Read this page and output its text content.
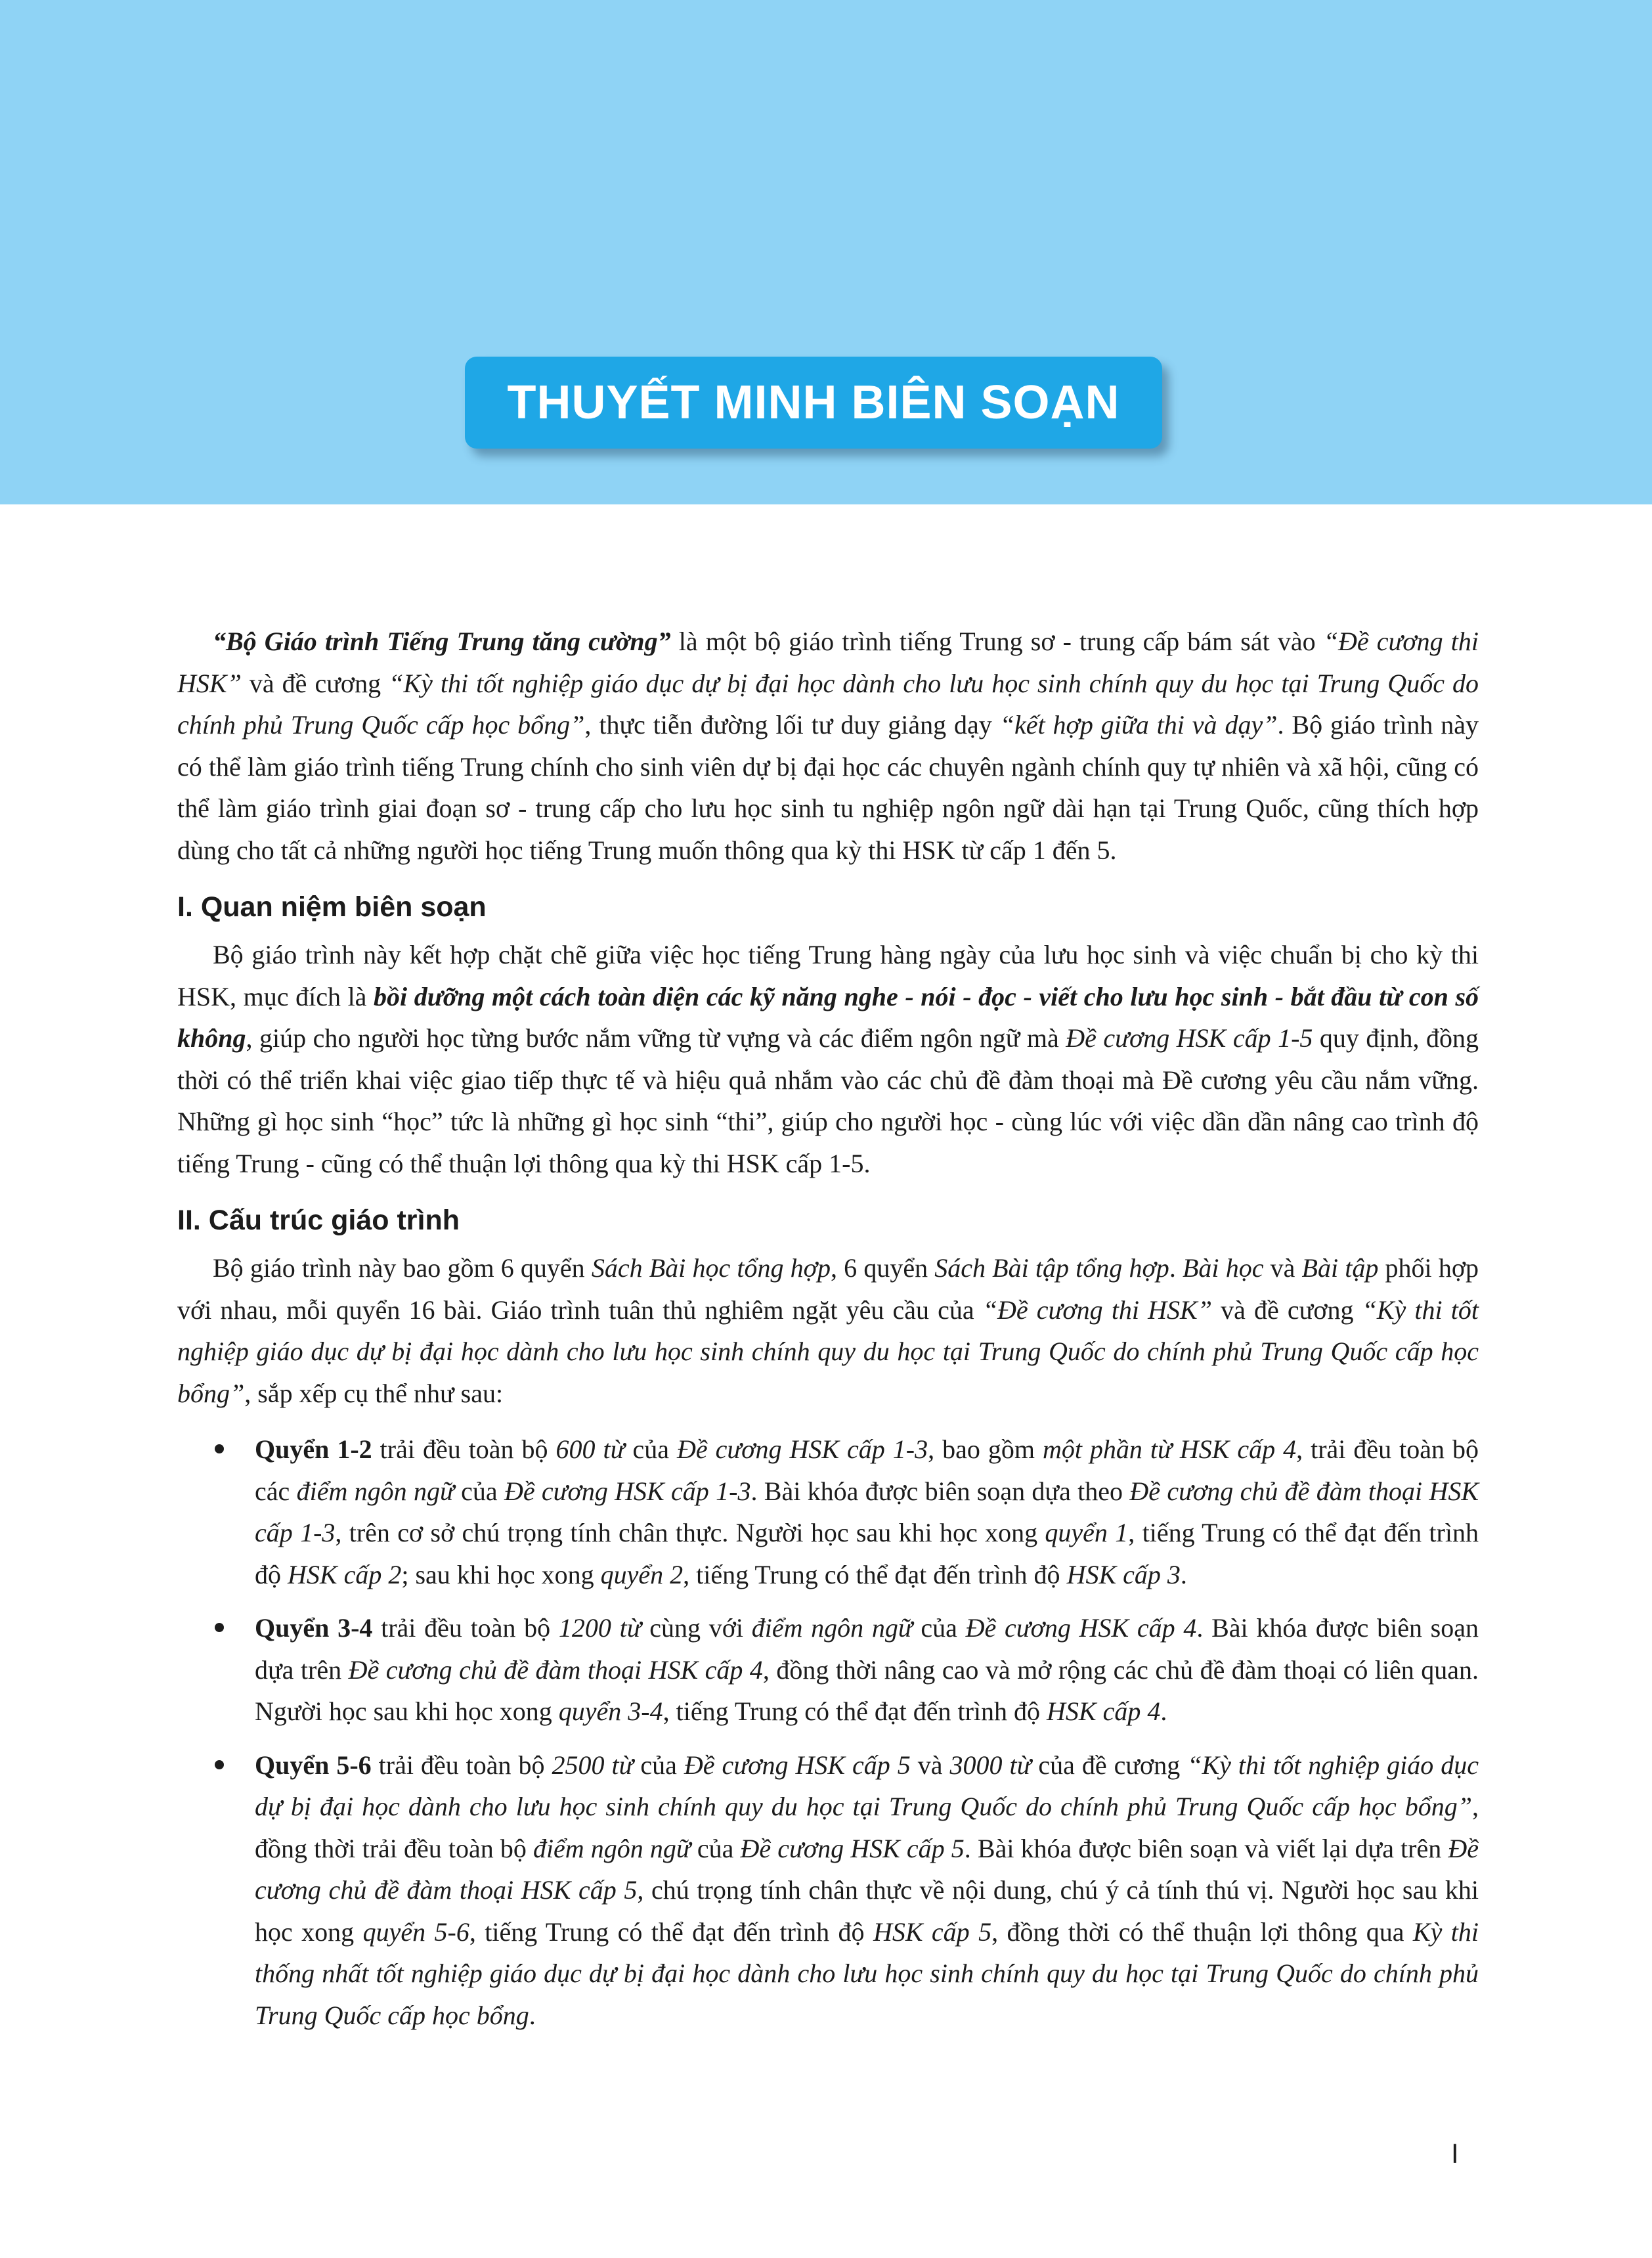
THUYẾT MINH BIÊN SOẠN

“Bộ Giáo trình Tiếng Trung tăng cường” là một bộ giáo trình tiếng Trung sơ - trung cấp bám sát vào “Đề cương thi HSK” và đề cương “Kỳ thi tốt nghiệp giáo dục dự bị đại học dành cho lưu học sinh chính quy du học tại Trung Quốc do chính phủ Trung Quốc cấp học bổng”, thực tiễn đường lối tư duy giảng dạy “kết hợp giữa thi và dạy”. Bộ giáo trình này có thể làm giáo trình tiếng Trung chính cho sinh viên dự bị đại học các chuyên ngành chính quy tự nhiên và xã hội, cũng có thể làm giáo trình giai đoạn sơ - trung cấp cho lưu học sinh tu nghiệp ngôn ngữ dài hạn tại Trung Quốc, cũng thích hợp dùng cho tất cả những người học tiếng Trung muốn thông qua kỳ thi HSK từ cấp 1 đến 5.

I. Quan niệm biên soạn

Bộ giáo trình này kết hợp chặt chẽ giữa việc học tiếng Trung hàng ngày của lưu học sinh và việc chuẩn bị cho kỳ thi HSK, mục đích là bồi dưỡng một cách toàn diện các kỹ năng nghe - nói - đọc - viết cho lưu học sinh - bắt đầu từ con số không, giúp cho người học từng bước nắm vững từ vựng và các điểm ngôn ngữ mà Đề cương HSK cấp 1-5 quy định, đồng thời có thể triển khai việc giao tiếp thực tế và hiệu quả nhắm vào các chủ đề đàm thoại mà Đề cương yêu cầu nắm vững. Những gì học sinh “học” tức là những gì học sinh “thi”, giúp cho người học - cùng lúc với việc dần dần nâng cao trình độ tiếng Trung - cũng có thể thuận lợi thông qua kỳ thi HSK cấp 1-5.

II. Cấu trúc giáo trình

Bộ giáo trình này bao gồm 6 quyển Sách Bài học tổng hợp, 6 quyển Sách Bài tập tổng hợp. Bài học và Bài tập phối hợp với nhau, mỗi quyển 16 bài. Giáo trình tuân thủ nghiêm ngặt yêu cầu của “Đề cương thi HSK” và đề cương “Kỳ thi tốt nghiệp giáo dục dự bị đại học dành cho lưu học sinh chính quy du học tại Trung Quốc do chính phủ Trung Quốc cấp học bổng”, sắp xếp cụ thể như sau:

Quyển 1-2 trải đều toàn bộ 600 từ của Đề cương HSK cấp 1-3, bao gồm một phần từ HSK cấp 4, trải đều toàn bộ các điểm ngôn ngữ của Đề cương HSK cấp 1-3. Bài khóa được biên soạn dựa theo Đề cương chủ đề đàm thoại HSK cấp 1-3, trên cơ sở chú trọng tính chân thực. Người học sau khi học xong quyển 1, tiếng Trung có thể đạt đến trình độ HSK cấp 2; sau khi học xong quyển 2, tiếng Trung có thể đạt đến trình độ HSK cấp 3.
Quyển 3-4 trải đều toàn bộ 1200 từ cùng với điểm ngôn ngữ của Đề cương HSK cấp 4. Bài khóa được biên soạn dựa trên Đề cương chủ đề đàm thoại HSK cấp 4, đồng thời nâng cao và mở rộng các chủ đề đàm thoại có liên quan. Người học sau khi học xong quyển 3-4, tiếng Trung có thể đạt đến trình độ HSK cấp 4.
Quyển 5-6 trải đều toàn bộ 2500 từ của Đề cương HSK cấp 5 và 3000 từ của đề cương “Kỳ thi tốt nghiệp giáo dục dự bị đại học dành cho lưu học sinh chính quy du học tại Trung Quốc do chính phủ Trung Quốc cấp học bổng”, đồng thời trải đều toàn bộ điểm ngôn ngữ của Đề cương HSK cấp 5. Bài khóa được biên soạn và viết lại dựa trên Đề cương chủ đề đàm thoại HSK cấp 5, chú trọng tính chân thực về nội dung, chú ý cả tính thú vị. Người học sau khi học xong quyển 5-6, tiếng Trung có thể đạt đến trình độ HSK cấp 5, đồng thời có thể thuận lợi thông qua Kỳ thi thống nhất tốt nghiệp giáo dục dự bị đại học dành cho lưu học sinh chính quy du học tại Trung Quốc do chính phủ Trung Quốc cấp học bổng.
I
